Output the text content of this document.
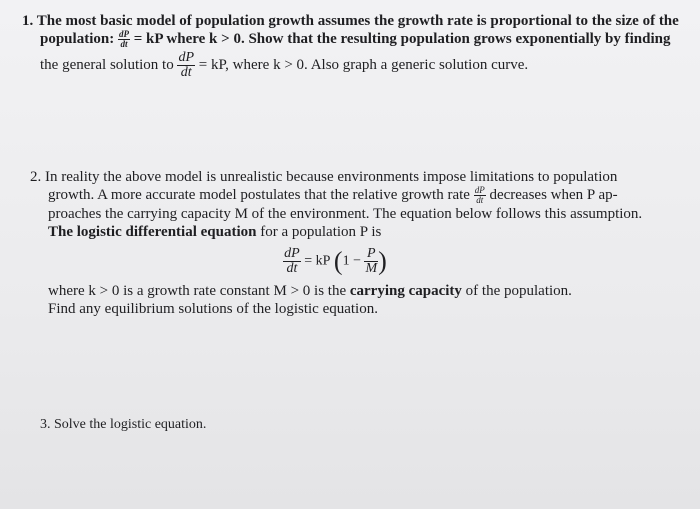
1. The most basic model of population growth assumes the growth rate is proportional to the size of the
population: $\frac{dP}{dt}$ = kP where k > 0. Show that the resulting population grows exponentially by finding
the general solution to $\frac{dP}{dt}$ = kP, where k > 0. Also graph a generic solution curve.
2. In reality the above model is unrealistic because environments impose limitations to population
growth. A more accurate model postulates that the relative growth rate $\frac{dP}{dt}$ decreases when P ap-
proaches the carrying capacity M of the environment. The equation below follows this assumption.
The logistic differential equation for a population P is
$\frac{dP}{dt}$ = kP ($1 - \frac{P}{M}$ )
where k > 0 is a growth rate constant M > 0 is the carrying capacity of the population.
Find any equilibrium solutions of the logistic equation.
3. Solve the logistic equation.
